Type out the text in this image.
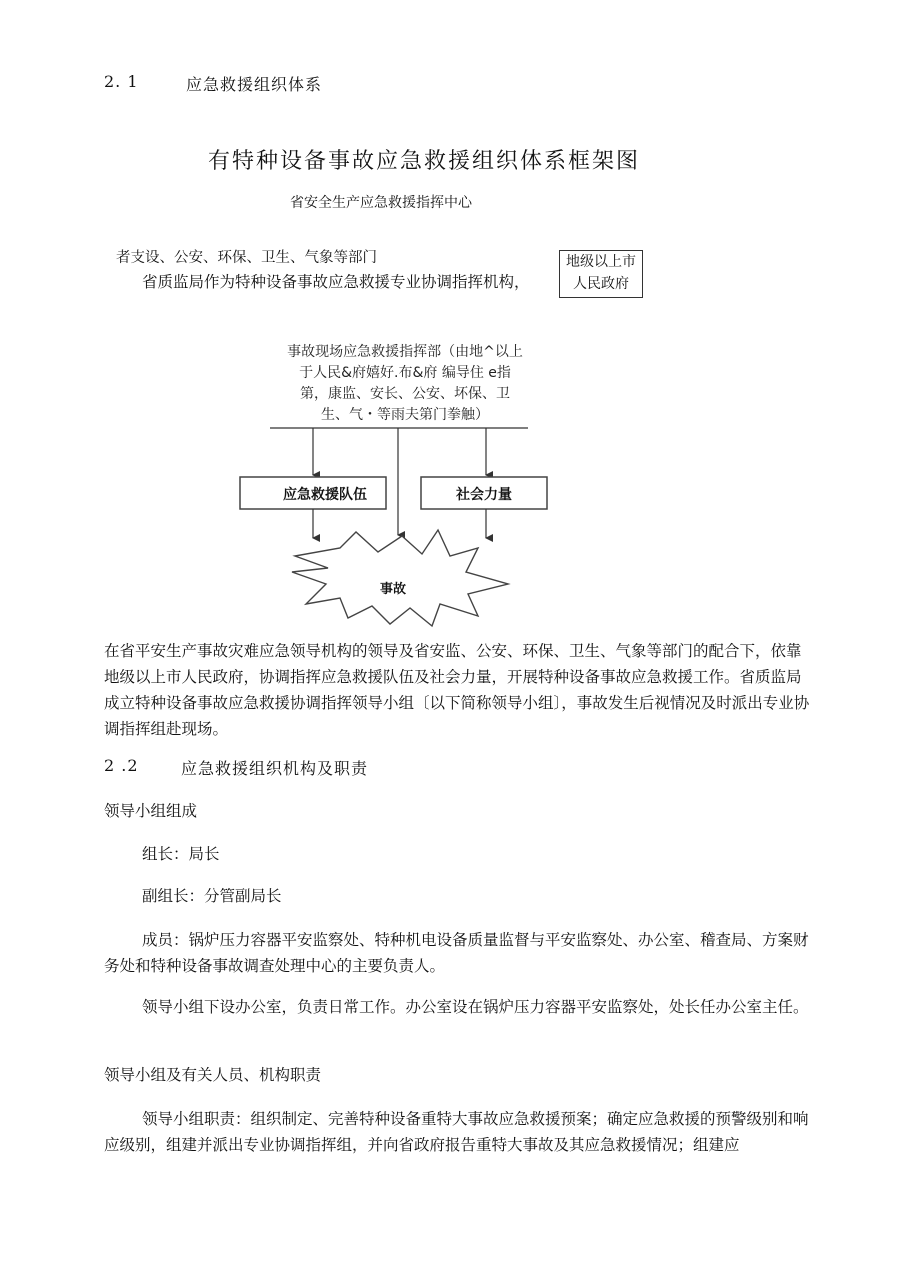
2. 1	应急救援组织体系
有特种设备事故应急救援组织体系框架图
省安全生产应急救援指挥中心
者支设、公安、环保、卫生、气象等部门
省质监局作为特种设备事故应急救援专业协调指挥机构，
地级以上市
人民政府
事故现场应急救援指挥部（由地^以上
于人民&府嬉好.布&府 编导住 e指
第，康监、安长、公安、坏保、卫
生、气・等雨夫第门拳触）
应急救援队伍	社会力量
事故
在省平安生产事故灾难应急领导机构的领导及省安监、公安、环保、卫生、气象等部门的配合下，依靠地级以上市人民政府，协调指挥应急救援队伍及社会力量，开展特种设备事故应急救援工作。省质监局成立特种设备事故应急救援协调指挥领导小组〔以下简称领导小组〕，事故发生后视情况及时派出专业协调指挥组赴现场。
2 .2	应急救援组织机构及职责
领导小组组成
组长：局长
副组长：分管副局长
成员：锅炉压力容器平安监察处、特种机电设备质量监督与平安监察处、办公室、稽查局、方案财务处和特种设备事故调查处理中心的主要负责人。
领导小组下设办公室，负责日常工作。办公室设在锅炉压力容器平安监察处，处长任办公室主任。
领导小组及有关人员、机构职责
领导小组职责：组织制定、完善特种设备重特大事故应急救援预案；确定应急救援的预警级别和响应级别，组建并派出专业协调指挥组，并向省政府报告重特大事故及其应急救援情况；组建应
